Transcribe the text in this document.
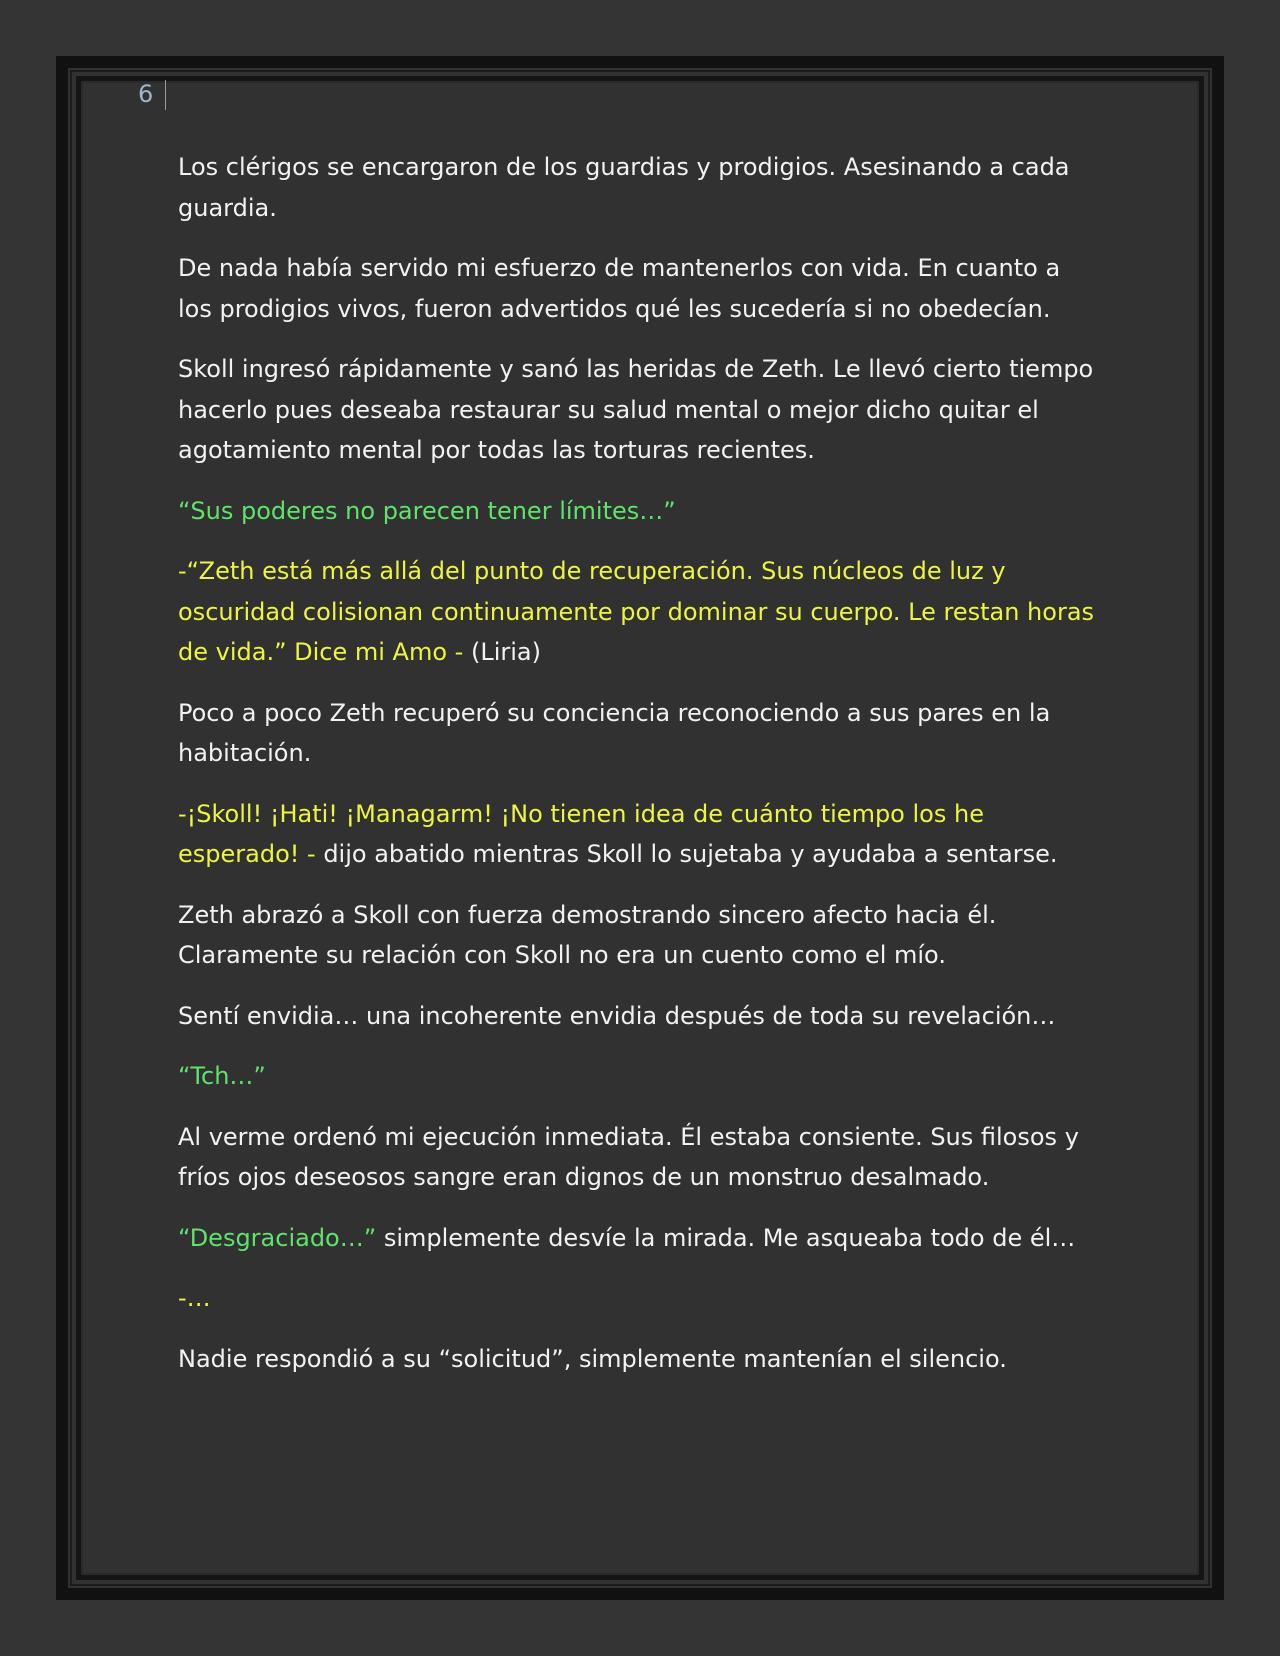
6

Los clérigos se encargaron de los guardias y prodigios. Asesinando a cada guardia.

De nada había servido mi esfuerzo de mantenerlos con vida. En cuanto a los prodigios vivos, fueron advertidos qué les sucedería si no obedecían.

Skoll ingresó rápidamente y sanó las heridas de Zeth. Le llevó cierto tiempo hacerlo pues deseaba restaurar su salud mental o mejor dicho quitar el agotamiento mental por todas las torturas recientes.

“Sus poderes no parecen tener límites…”

-“Zeth está más allá del punto de recuperación. Sus núcleos de luz y oscuridad colisionan continuamente por dominar su cuerpo. Le restan horas de vida.” Dice mi Amo - (Liria)

Poco a poco Zeth recuperó su conciencia reconociendo a sus pares en la habitación.

-¡Skoll! ¡Hati! ¡Managarm! ¡No tienen idea de cuánto tiempo los he esperado! - dijo abatido mientras Skoll lo sujetaba y ayudaba a sentarse.

Zeth abrazó a Skoll con fuerza demostrando sincero afecto hacia él. Claramente su relación con Skoll no era un cuento como el mío.

Sentí envidia… una incoherente envidia después de toda su revelación…

“Tch…”

Al verme ordenó mi ejecución inmediata. Él estaba consiente. Sus filosos y fríos ojos deseosos sangre eran dignos de un monstruo desalmado.

“Desgraciado…” simplemente desvíe la mirada. Me asqueaba todo de él…

-…

Nadie respondió a su “solicitud”, simplemente mantenían el silencio.
